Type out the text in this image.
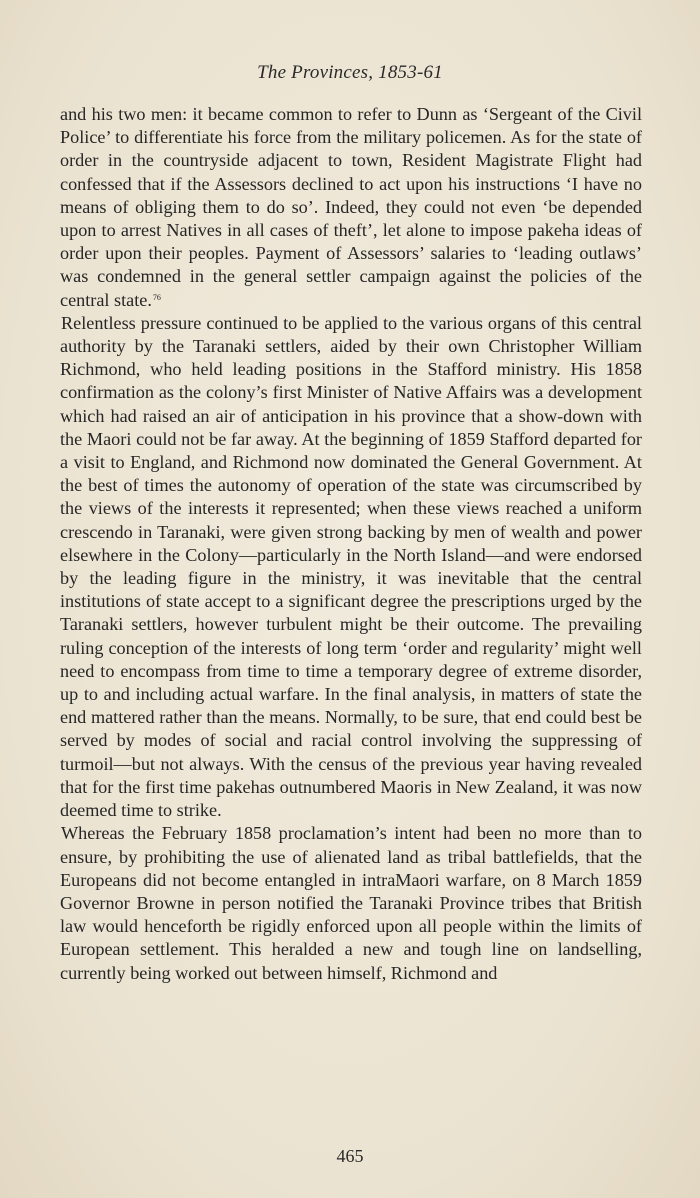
The Provinces, 1853-61

and his two men: it became common to refer to Dunn as ‘Sergeant of the Civil Police’ to differentiate his force from the military policemen. As for the state of order in the countryside adjacent to town, Resident Magistrate Flight had confessed that if the Assessors declined to act upon his instructions ‘I have no means of obliging them to do so’. Indeed, they could not even ‘be depended upon to arrest Natives in all cases of theft’, let alone to impose pakeha ideas of order upon their peoples. Payment of Assessors’ salaries to ‘leading outlaws’ was condemned in the general settler campaign against the policies of the central state.$^{76}$

Relentless pressure continued to be applied to the various organs of this central authority by the Taranaki settlers, aided by their own Christopher William Richmond, who held leading positions in the Stafford ministry. His 1858 confirmation as the colony’s first Minister of Native Affairs was a development which had raised an air of anticipation in his province that a show-down with the Maori could not be far away. At the beginning of 1859 Stafford departed for a visit to England, and Richmond now dominated the General Government. At the best of times the autonomy of operation of the state was circumscribed by the views of the interests it represented; when these views reached a uniform crescendo in Taranaki, were given strong backing by men of wealth and power elsewhere in the Colony—particularly in the North Island—and were endorsed by the leading figure in the ministry, it was inevitable that the central institutions of state accept to a significant degree the prescriptions urged by the Taranaki settlers, however turbulent might be their outcome. The prevailing ruling conception of the interests of long term ‘order and regularity’ might well need to encompass from time to time a temporary degree of extreme disorder, up to and including actual warfare. In the final analysis, in matters of state the end mattered rather than the means. Normally, to be sure, that end could best be served by modes of social and racial control involving the suppressing of turmoil—but not always. With the census of the previous year having revealed that for the first time pakehas outnumbered Maoris in New Zealand, it was now deemed time to strike.

Whereas the February 1858 proclamation’s intent had been no more than to ensure, by prohibiting the use of alienated land as tribal battlefields, that the Europeans did not become entangled in intraMaori warfare, on 8 March 1859 Governor Browne in person notified the Taranaki Province tribes that British law would henceforth be rigidly enforced upon all people within the limits of European settlement. This heralded a new and tough line on landselling, currently being worked out between himself, Richmond and

465
